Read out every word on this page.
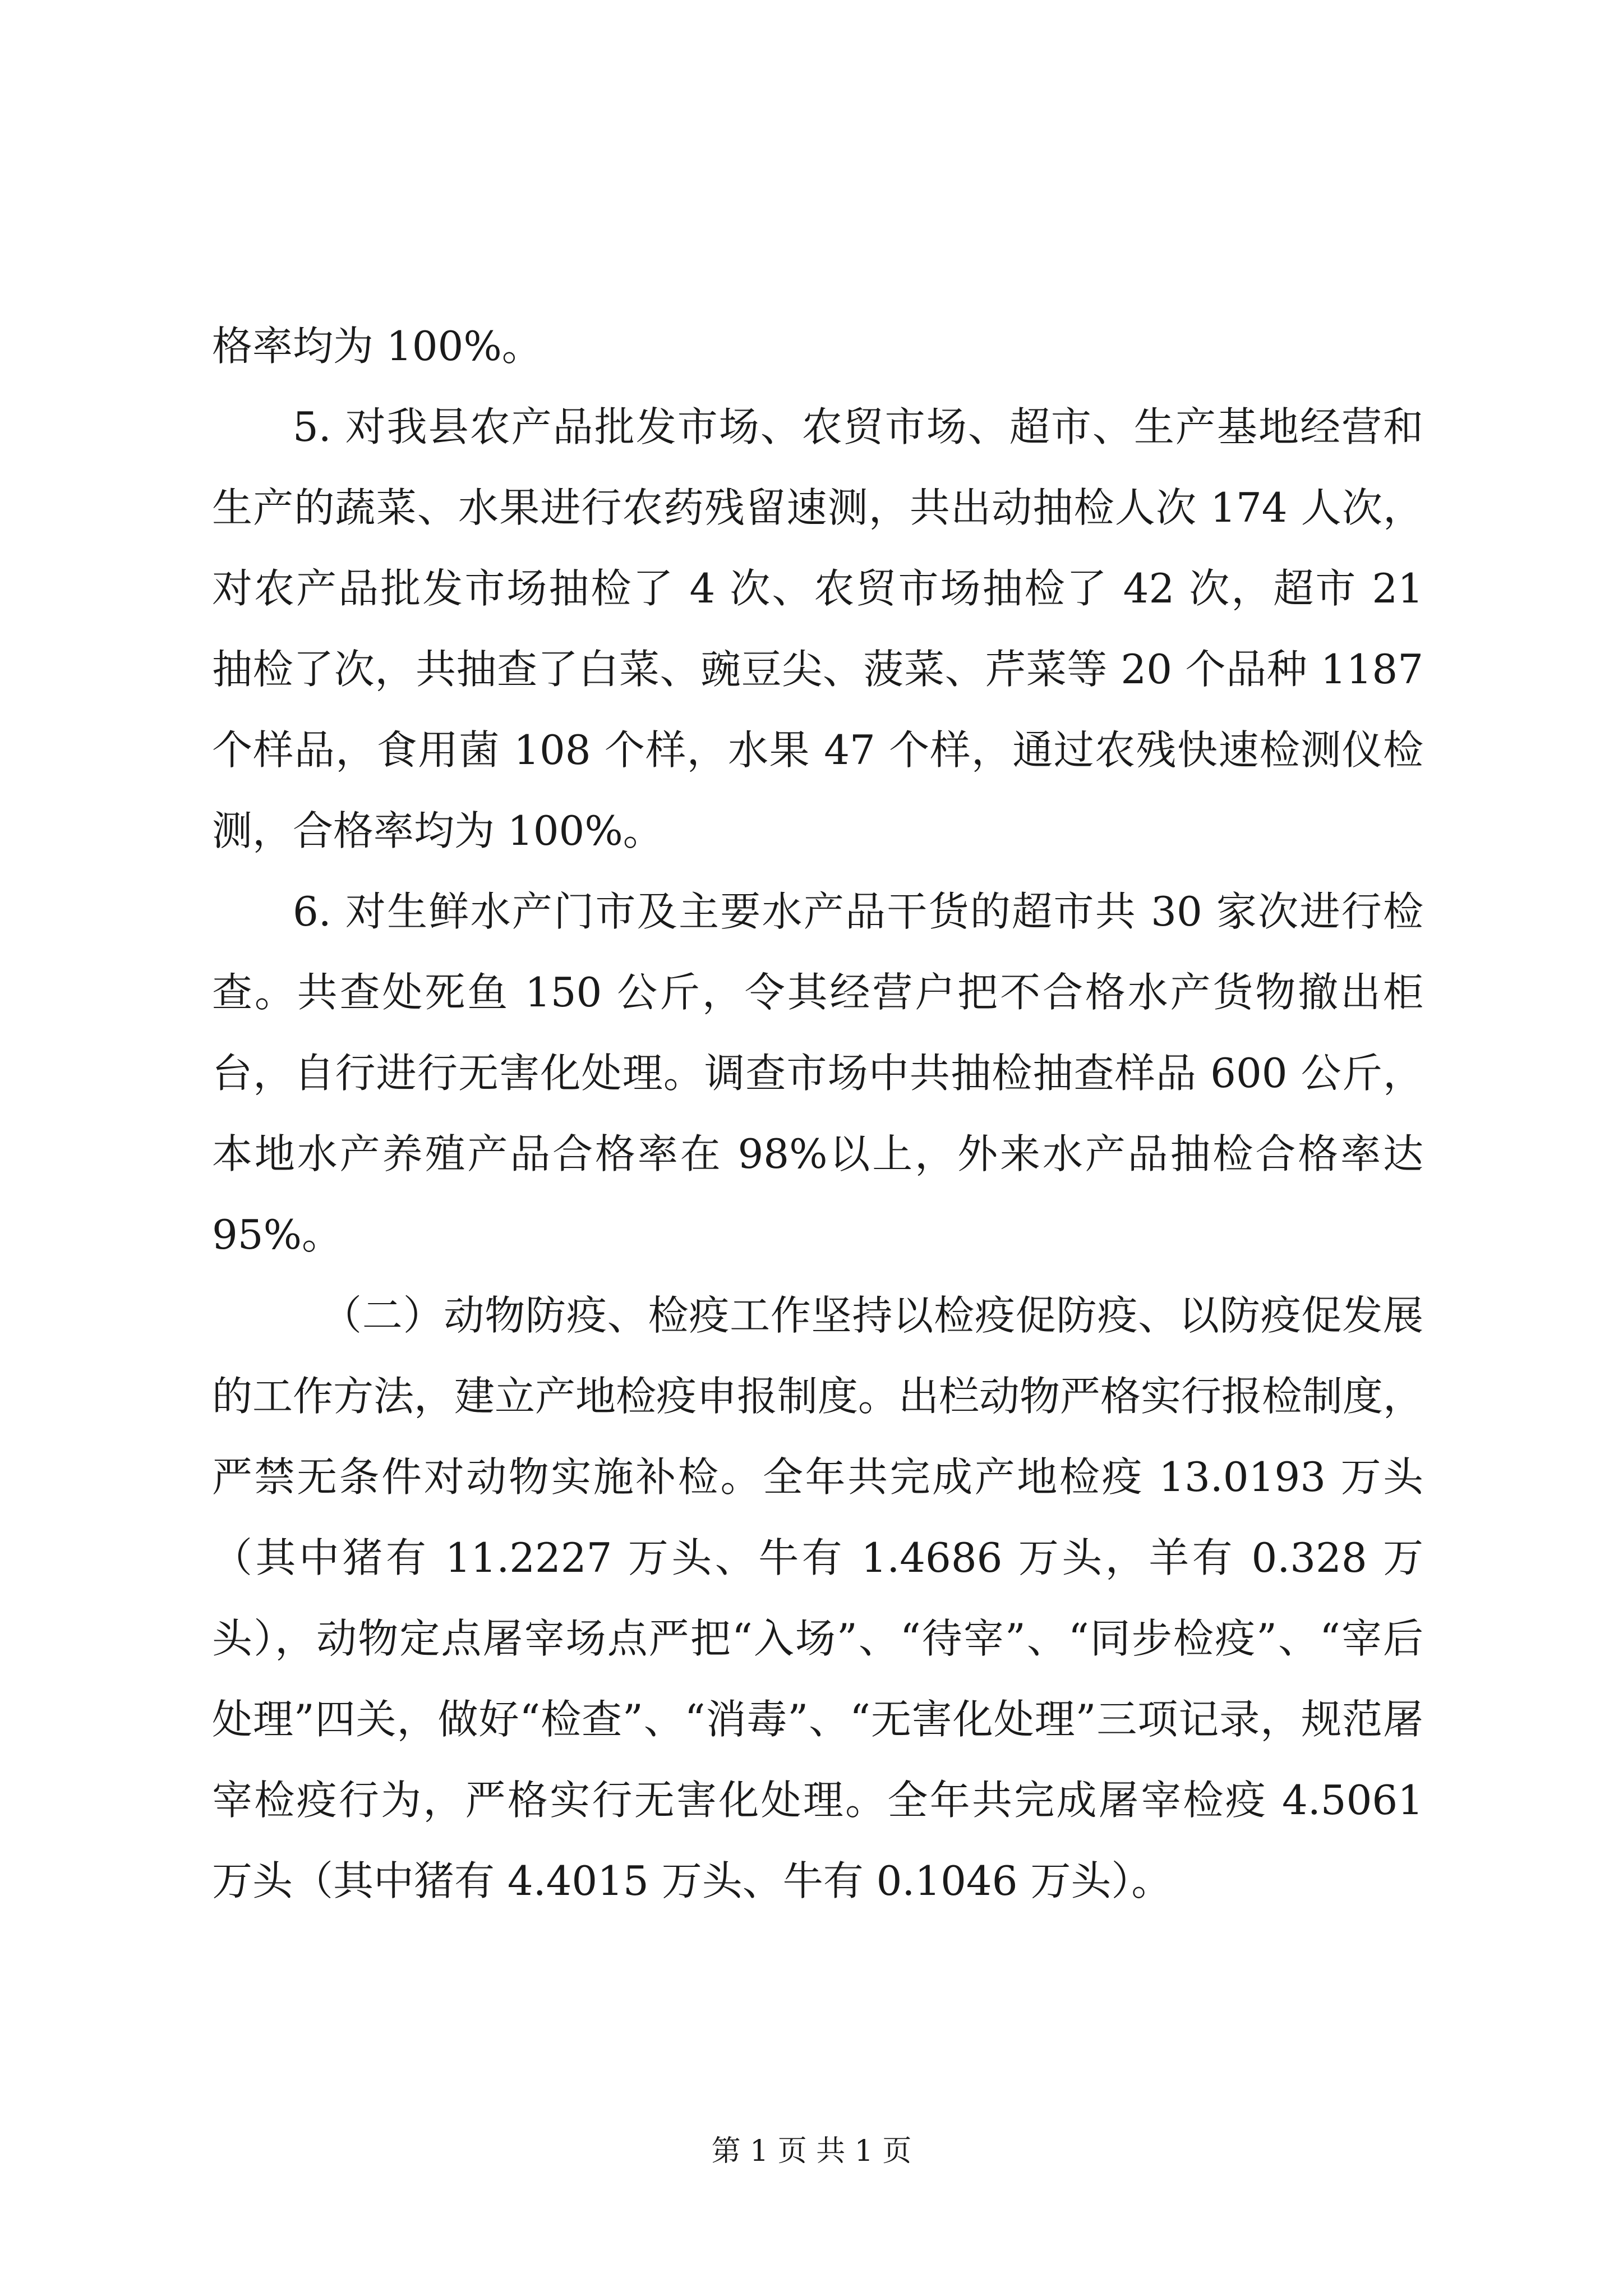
格率均为 100%。

5. 对我县农产品批发市场、农贸市场、超市、生产基地经营和生产的蔬菜、水果进行农药残留速测，共出动抽检人次 174 人次，对农产品批发市场抽检了 4 次、农贸市场抽检了 42 次，超市 21 抽检了次，共抽查了白菜、豌豆尖、菠菜、芹菜等 20 个品种 1187 个样品，食用菌 108 个样，水果 47 个样，通过农残快速检测仪检测，合格率均为 100%。

6. 对生鲜水产门市及主要水产品干货的超市共 30 家次进行检查。共查处死鱼 150 公斤，令其经营户把不合格水产货物撤出柜台，自行进行无害化处理。调查市场中共抽检抽查样品 600 公斤，本地水产养殖产品合格率在 98%以上，外来水产品抽检合格率达 95%。

（二）动物防疫、检疫工作坚持以检疫促防疫、以防疫促发展的工作方法，建立产地检疫申报制度。出栏动物严格实行报检制度，严禁无条件对动物实施补检。全年共完成产地检疫 13.0193 万头（其中猪有 11.2227 万头、牛有 1.4686 万头，羊有 0.328 万头），动物定点屠宰场点严把“入场”、“待宰”、“同步检疫”、“宰后处理”四关，做好“检查”、“消毒”、“无害化处理”三项记录，规范屠宰检疫行为，严格实行无害化处理。全年共完成屠宰检疫 4.5061 万头（其中猪有 4.4015 万头、牛有 0.1046 万头）。

第 1 页 共 1 页
